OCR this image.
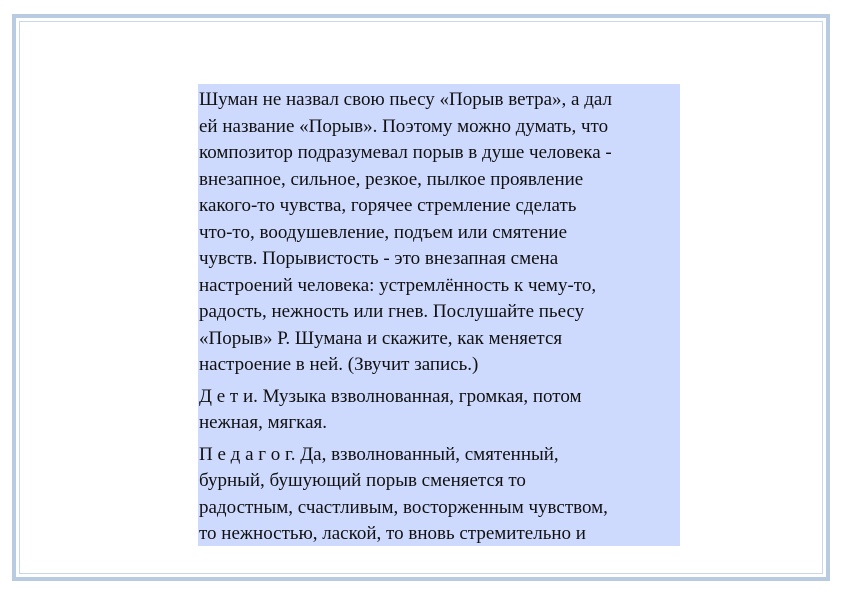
Шуман не назвал свою пьесу «Порыв ветра», а дал
ей название «Порыв». Поэтому можно думать, что
композитор подразумевал порыв в душе человека -
внезапное, сильное, резкое, пылкое проявление
какого-то чувства, горячее стремление сделать
что-то, воодушевление, подъем или смятение
чувств. Порывистость - это внезапная смена
настроений человека: устремлённость к чему-то,
радость, нежность или гнев. Послушайте пьесу
«Порыв» Р. Шумана и скажите, как меняется
настроение в ней. (Звучит запись.)

Д е т и. Музыка взволнованная, громкая, потом
нежная, мягкая.

П е д а г о г. Да, взволнованный, смятенный,
бурный, бушующий порыв сменяется то
радостным, счастливым, восторженным чувством,
то нежностью, лаской, то вновь стремительно и
